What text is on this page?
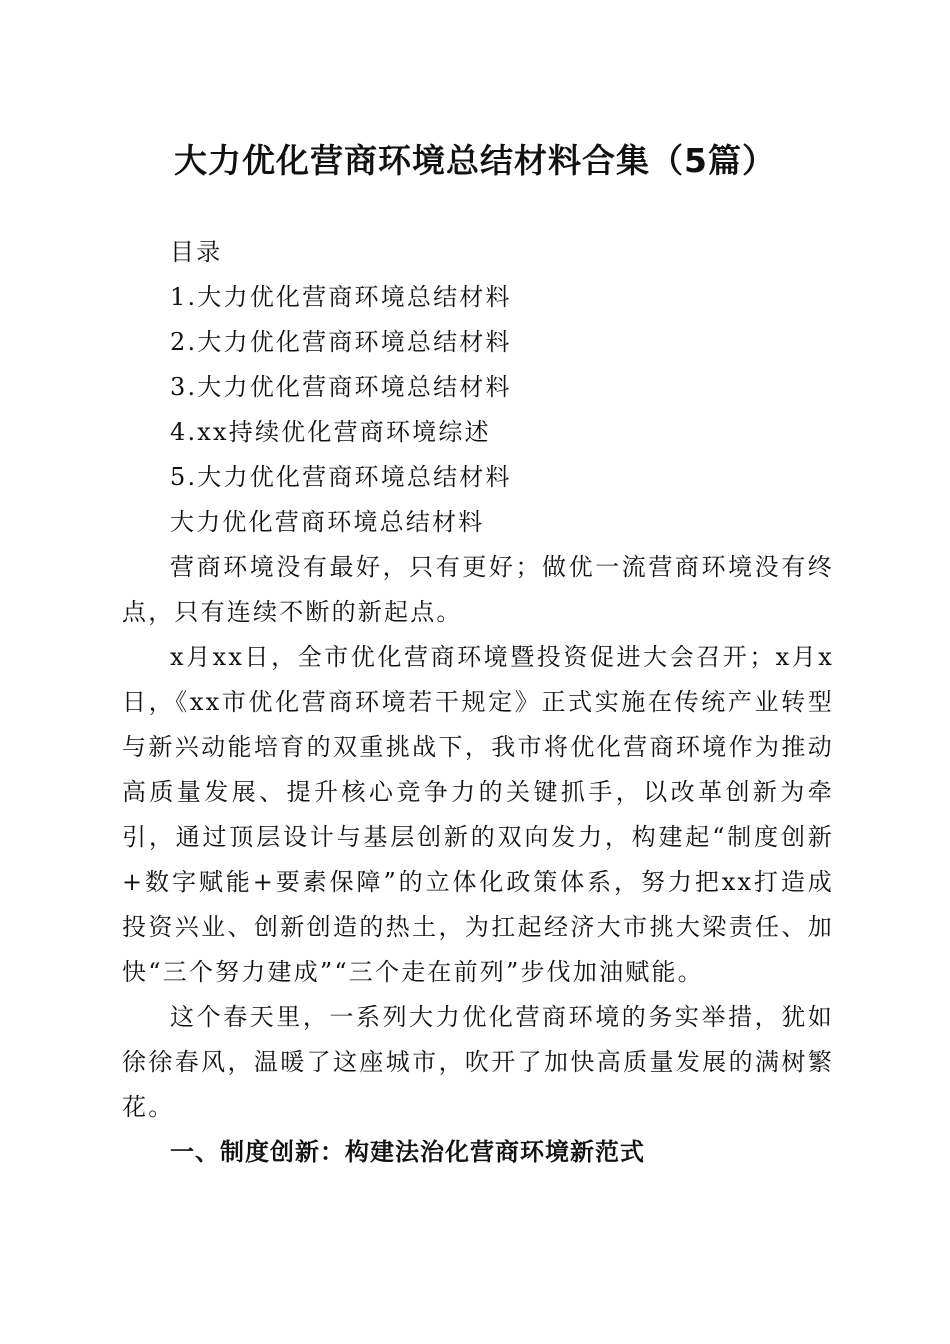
大力优化营商环境总结材料合集（5篇）

目录

1.大力优化营商环境总结材料

2.大力优化营商环境总结材料

3.大力优化营商环境总结材料

4.xx持续优化营商环境综述

5.大力优化营商环境总结材料

大力优化营商环境总结材料

营商环境没有最好，只有更好；做优一流营商环境没有终点，只有连续不断的新起点。

x月xx日，全市优化营商环境暨投资促进大会召开；x月x日，《xx市优化营商环境若干规定》正式实施在传统产业转型与新兴动能培育的双重挑战下，我市将优化营商环境作为推动高质量发展、提升核心竞争力的关键抓手，以改革创新为牵引，通过顶层设计与基层创新的双向发力，构建起“制度创新+数字赋能+要素保障”的立体化政策体系，努力把xx打造成投资兴业、创新创造的热土，为扛起经济大市挑大梁责任、加快“三个努力建成”“三个走在前列”步伐加油赋能。

这个春天里，一系列大力优化营商环境的务实举措，犹如徐徐春风，温暖了这座城市，吹开了加快高质量发展的满树繁花。

一、制度创新：构建法治化营商环境新范式
